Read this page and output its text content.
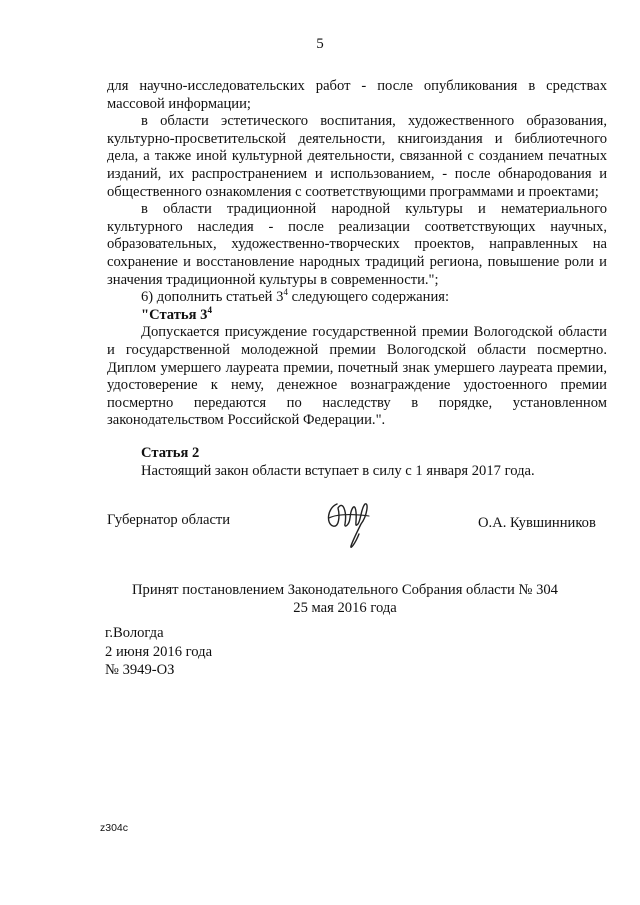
5

для научно-исследовательских работ - после опубликования в средствах массовой информации;

в области эстетического воспитания, художественного образования, культурно-просветительской деятельности, книгоиздания и библиотечного дела, а также иной культурной деятельности, связанной с созданием печатных изданий, их распространением и использованием, - после обнародования и общественного ознакомления с соответствующими программами и проектами;

в области традиционной народной культуры и нематериального культурного наследия - после реализации соответствующих научных, образовательных, художественно-творческих проектов, направленных на сохранение и восстановление народных традиций региона, повышение роли и значения традиционной культуры в современности.";

6) дополнить статьей $3^4$ следующего содержания:

"Статья $3^4$

Допускается присуждение государственной премии Вологодской области и государственной молодежной премии Вологодской области посмертно. Диплом умершего лауреата премии, почетный знак умершего лауреата премии, удостоверение к нему, денежное вознаграждение удостоенного премии посмертно передаются по наследству в порядке, установленном законодательством Российской Федерации.".

Статья 2
Настоящий закон области вступает в силу с 1 января 2017 года.
Губернатор области	О.А. Кувшинников
Принят постановлением Законодательного Собрания области № 304
25 мая 2016 года
г.Вологда
2 июня 2016 года
№ 3949-ОЗ
z304c
